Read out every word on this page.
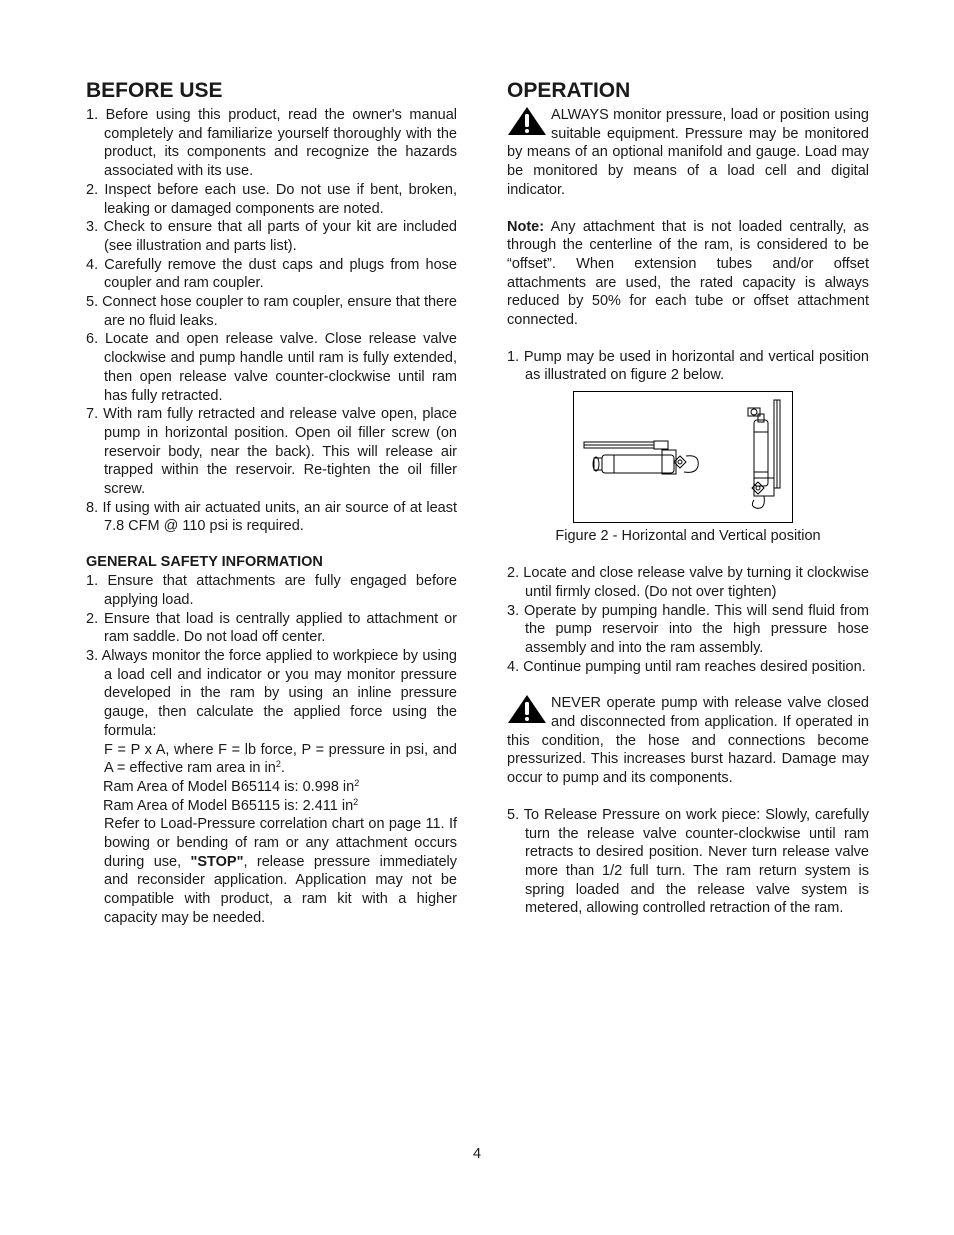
BEFORE USE
1. Before using this product, read the owner's manual completely and familiarize yourself thoroughly with the product, its components and recognize the hazards associated with its use.
2. Inspect before each use. Do not use if bent, broken, leaking or damaged components are noted.
3. Check to ensure that all parts of your kit are included (see illustration and parts list).
4. Carefully remove the dust caps and plugs from hose coupler and ram coupler.
5. Connect hose coupler to ram coupler, ensure that there are no fluid leaks.
6. Locate and open release valve. Close release valve clockwise and pump handle until ram is fully extended, then open release valve counter-clockwise until ram has fully retracted.
7. With ram fully retracted and release valve open, place pump in horizontal position. Open oil filler screw (on reservoir body, near the back). This will release air trapped within the reservoir. Re-tighten the oil filler screw.
8. If using with air actuated units, an air source of at least 7.8 CFM @ 110 psi is required.
GENERAL SAFETY INFORMATION
1. Ensure that attachments are fully engaged before applying load.
2. Ensure that load is centrally applied to attachment or ram saddle. Do not load off center.
3. Always monitor the force applied to workpiece by using a load cell and indicator or you may monitor pressure developed in the ram by using an inline pressure gauge, then calculate the applied force using the formula:

F = P x A, where F = lb force, P = pressure in psi, and A = effective ram area in $in^2$.

Ram Area of Model B65114 is: 0.998 $in^2$

Ram Area of Model B65115 is: 2.411 $in^2$

Refer to Load-Pressure correlation chart on page 11. If bowing or bending of ram or any attachment occurs during use, "STOP", release pressure immediately and reconsider application. Application may not be compatible with product, a ram kit with a higher capacity may be needed.

OPERATION

ALWAYS monitor pressure, load or position using suitable equipment. Pressure may be monitored by means of an optional manifold and gauge. Load may be monitored by means of a load cell and digital indicator.

Note: Any attachment that is not loaded centrally, as through the centerline of the ram, is considered to be “offset”. When extension tubes and/or offset attachments are used, the rated capacity is always reduced by 50% for each tube or offset attachment connected.

1. Pump may be used in horizontal and vertical position as illustrated on figure 2 below.

Figure 2 - Horizontal and Vertical position

2. Locate and close release valve by turning it clockwise until firmly closed. (Do not over tighten)

3. Operate by pumping handle. This will send fluid from the pump reservoir into the high pressure hose assembly and into the ram assembly.

4. Continue pumping until ram reaches desired position.

NEVER operate pump with release valve closed and disconnected from application. If operated in this condition, the hose and connections become pressurized. This increases burst hazard. Damage may occur to pump and its components.

5. To Release Pressure on work piece: Slowly, carefully turn the release valve counter-clockwise until ram retracts to desired position. Never turn release valve more than 1/2 full turn. The ram return system is spring loaded and the release valve system is metered, allowing controlled retraction of the ram.

4
